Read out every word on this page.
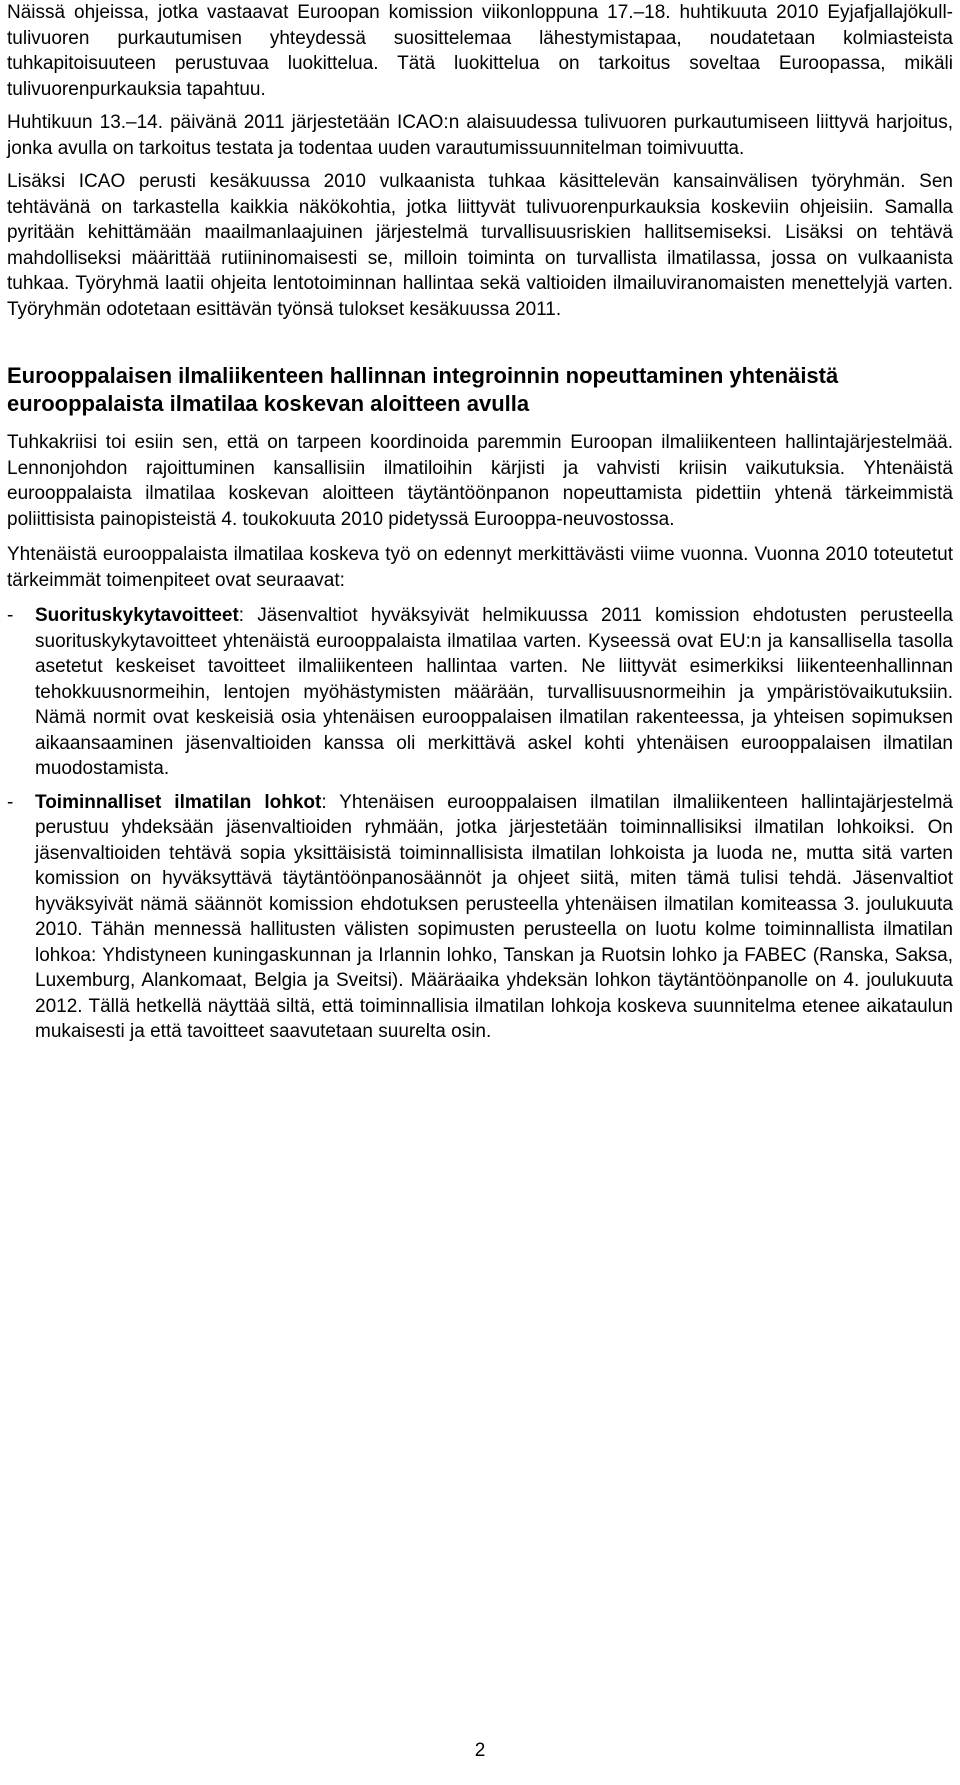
Näissä ohjeissa, jotka vastaavat Euroopan komission viikonloppuna 17.–18. huhtikuuta 2010 Eyjafjallajökull-tulivuoren purkautumisen yhteydessä suosittelemaa lähestymistapaa, noudatetaan kolmiasteista tuhkapitoisuuteen perustuvaa luokittelua. Tätä luokittelua on tarkoitus soveltaa Euroopassa, mikäli tulivuorenpurkauksia tapahtuu.

Huhtikuun 13.–14. päivänä 2011 järjestetään ICAO:n alaisuudessa tulivuoren purkautumiseen liittyvä harjoitus, jonka avulla on tarkoitus testata ja todentaa uuden varautumissuunnitelman toimivuutta.

Lisäksi ICAO perusti kesäkuussa 2010 vulkaanista tuhkaa käsittelevän kansainvälisen työryhmän. Sen tehtävänä on tarkastella kaikkia näkökohtia, jotka liittyvät tulivuorenpurkauksia koskeviin ohjeisiin. Samalla pyritään kehittämään maailmanlaajuinen järjestelmä turvallisuusriskien hallitsemiseksi. Lisäksi on tehtävä mahdolliseksi määrittää rutiininomaisesti se, milloin toiminta on turvallista ilmatilassa, jossa on vulkaanista tuhkaa. Työryhmä laatii ohjeita lentotoiminnan hallintaa sekä valtioiden ilmailuviranomaisten menettelyjä varten. Työryhmän odotetaan esittävän työnsä tulokset kesäkuussa 2011.

Eurooppalaisen ilmaliikenteen hallinnan integroinnin nopeuttaminen yhtenäistä eurooppalaista ilmatilaa koskevan aloitteen avulla

Tuhkakriisi toi esiin sen, että on tarpeen koordinoida paremmin Euroopan ilmaliikenteen hallintajärjestelmää. Lennonjohdon rajoittuminen kansallisiin ilmatiloihin kärjisti ja vahvisti kriisin vaikutuksia. Yhtenäistä eurooppalaista ilmatilaa koskevan aloitteen täytäntöönpanon nopeuttamista pidettiin yhtenä tärkeimmistä poliittisista painopisteistä 4. toukokuuta 2010 pidetyssä Eurooppa-neuvostossa.

Yhtenäistä eurooppalaista ilmatilaa koskeva työ on edennyt merkittävästi viime vuonna. Vuonna 2010 toteutetut tärkeimmät toimenpiteet ovat seuraavat:

- Suorituskykytavoitteet: Jäsenvaltiot hyväksyivät helmikuussa 2011 komission ehdotusten perusteella suorituskykytavoitteet yhtenäistä eurooppalaista ilmatilaa varten. Kyseessä ovat EU:n ja kansallisella tasolla asetetut keskeiset tavoitteet ilmaliikenteen hallintaa varten. Ne liittyvät esimerkiksi liikenteenhallinnan tehokkuusnormeihin, lentojen myöhästymisten määrään, turvallisuusnormeihin ja ympäristövaikutuksiin. Nämä normit ovat keskeisiä osia yhtenäisen eurooppalaisen ilmatilan rakenteessa, ja yhteisen sopimuksen aikaansaaminen jäsenvaltioiden kanssa oli merkittävä askel kohti yhtenäisen eurooppalaisen ilmatilan muodostamista.

- Toiminnalliset ilmatilan lohkot: Yhtenäisen eurooppalaisen ilmatilan ilmaliikenteen hallintajärjestelmä perustuu yhdeksään jäsenvaltioiden ryhmään, jotka järjestetään toiminnallisiksi ilmatilan lohkoiksi. On jäsenvaltioiden tehtävä sopia yksittäisistä toiminnallisista ilmatilan lohkoista ja luoda ne, mutta sitä varten komission on hyväksyttävä täytäntöönpanosäännöt ja ohjeet siitä, miten tämä tulisi tehdä. Jäsenvaltiot hyväksyivät nämä säännöt komission ehdotuksen perusteella yhtenäisen ilmatilan komiteassa 3. joulukuuta 2010. Tähän mennessä hallitusten välisten sopimusten perusteella on luotu kolme toiminnallista ilmatilan lohkoa: Yhdistyneen kuningaskunnan ja Irlannin lohko, Tanskan ja Ruotsin lohko ja FABEC (Ranska, Saksa, Luxemburg, Alankomaat, Belgia ja Sveitsi). Määräaika yhdeksän lohkon täytäntöönpanolle on 4. joulukuuta 2012. Tällä hetkellä näyttää siltä, että toiminnallisia ilmatilan lohkoja koskeva suunnitelma etenee aikataulun mukaisesti ja että tavoitteet saavutetaan suurelta osin.

2
